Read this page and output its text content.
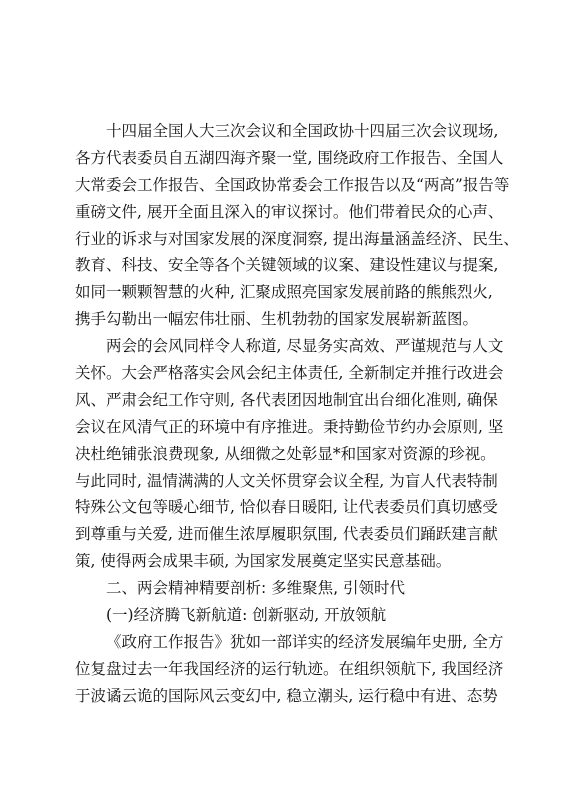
十四届全国人大三次会议和全国政协十四届三次会议现场,
各方代表委员自五湖四海齐聚一堂, 围绕政府工作报告、全国人
大常委会工作报告、全国政协常委会工作报告以及“两高”报告等
重磅文件, 展开全面且深入的审议探讨。他们带着民众的心声、
行业的诉求与对国家发展的深度洞察, 提出海量涵盖经济、民生、
教育、科技、安全等各个关键领域的议案、建设性建议与提案,
如同一颗颗智慧的火种, 汇聚成照亮国家发展前路的熊熊烈火,
携手勾勒出一幅宏伟壮丽、生机勃勃的国家发展崭新蓝图。
两会的会风同样令人称道, 尽显务实高效、严谨规范与人文
关怀。大会严格落实会风会纪主体责任, 全新制定并推行改进会
风、严肃会纪工作守则, 各代表团因地制宜出台细化准则, 确保
会议在风清气正的环境中有序推进。秉持勤俭节约办会原则, 坚
决杜绝铺张浪费现象, 从细微之处彰显*和国家对资源的珍视。
与此同时, 温情满满的人文关怀贯穿会议全程, 为盲人代表特制
特殊公文包等暖心细节, 恰似春日暖阳, 让代表委员们真切感受
到尊重与关爱, 进而催生浓厚履职氛围, 代表委员们踊跃建言献
策, 使得两会成果丰硕, 为国家发展奠定坚实民意基础。
二、两会精神精要剖析: 多维聚焦, 引领时代
(一)经济腾飞新航道: 创新驱动, 开放领航
《政府工作报告》犹如一部详实的经济发展编年史册, 全方
位复盘过去一年我国经济的运行轨迹。在组织领航下, 我国经济
于波谲云诡的国际风云变幻中, 稳立潮头, 运行稳中有进、态势
